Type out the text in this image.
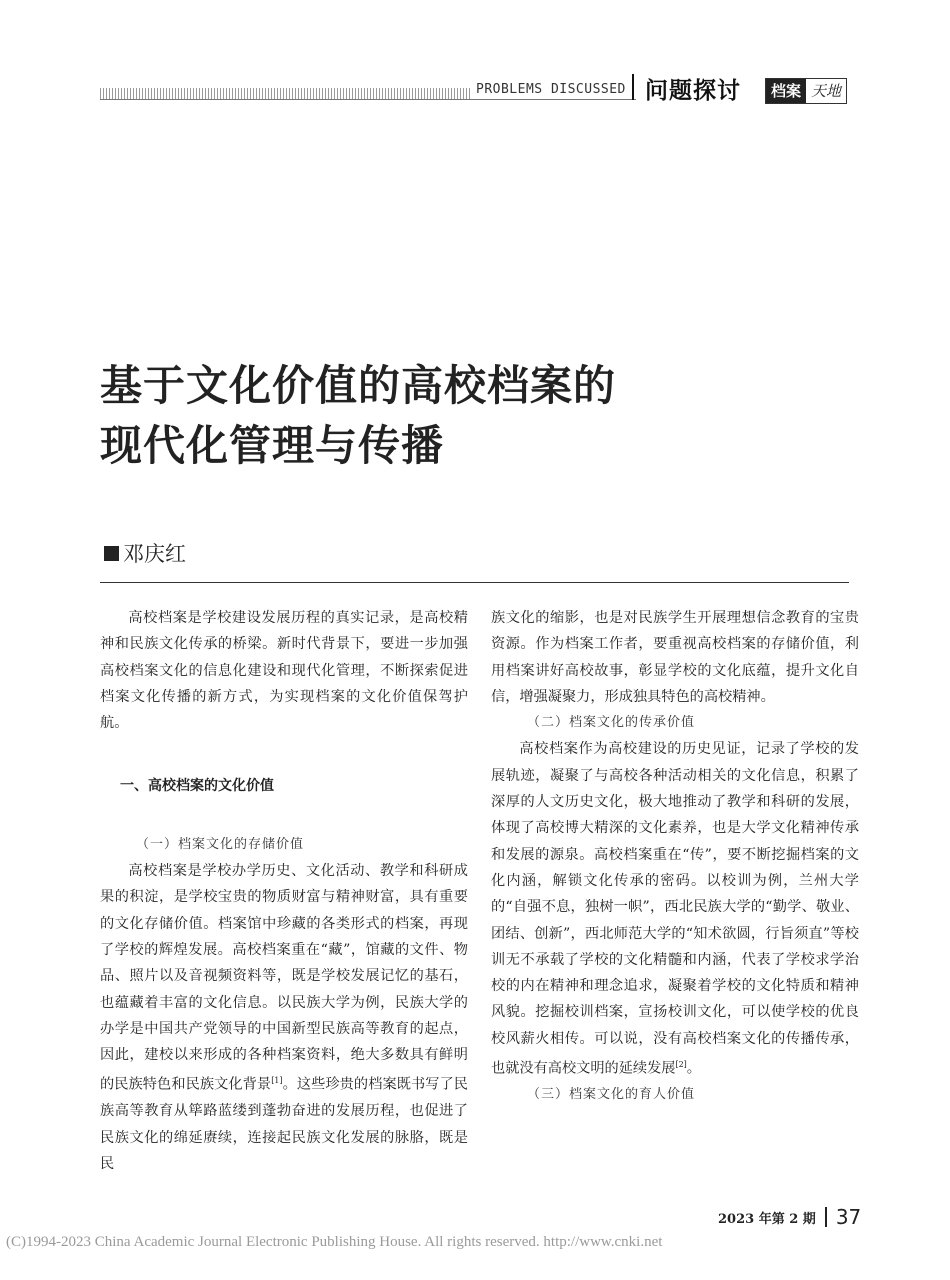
PROBLEMS DISCUSSED 问题探讨	档案 天地
基于文化价值的高校档案的
现代化管理与传播
邓庆红

高校档案是学校建设发展历程的真实记录，是高校精神和民族文化传承的桥梁。新时代背景下，要进一步加强高校档案文化的信息化建设和现代化管理，不断探索促进档案文化传播的新方式，为实现档案的文化价值保驾护航。

一、高校档案的文化价值

（一）档案文化的存储价值

高校档案是学校办学历史、文化活动、教学和科研成果的积淀，是学校宝贵的物质财富与精神财富，具有重要的文化存储价值。档案馆中珍藏的各类形式的档案，再现了学校的辉煌发展。高校档案重在“藏”，馆藏的文件、物品、照片以及音视频资料等，既是学校发展记忆的基石，也蕴藏着丰富的文化信息。以民族大学为例，民族大学的办学是中国共产党领导的中国新型民族高等教育的起点，因此，建校以来形成的各种档案资料，绝大多数具有鲜明的民族特色和民族文化背景[1]。这些珍贵的档案既书写了民族高等教育从筚路蓝缕到蓬勃奋进的发展历程，也促进了民族文化的绵延赓续，连接起民族文化发展的脉胳，既是民

族文化的缩影，也是对民族学生开展理想信念教育的宝贵资源。作为档案工作者，要重视高校档案的存储价值，利用档案讲好高校故事，彰显学校的文化底蕴，提升文化自信，增强凝聚力，形成独具特色的高校精神。

（二）档案文化的传承价值

高校档案作为高校建设的历史见证，记录了学校的发展轨迹，凝聚了与高校各种活动相关的文化信息，积累了深厚的人文历史文化，极大地推动了教学和科研的发展，体现了高校博大精深的文化素养，也是大学文化精神传承和发展的源泉。高校档案重在“传”，要不断挖掘档案的文化内涵，解锁文化传承的密码。以校训为例，兰州大学的“自强不息，独树一帜”，西北民族大学的“勤学、敬业、团结、创新”，西北师范大学的“知术欲圆，行旨须直”等校训无不承载了学校的文化精髓和内涵，代表了学校求学治校的内在精神和理念追求，凝聚着学校的文化特质和精神风貌。挖掘校训档案，宣扬校训文化，可以使学校的优良校风薪火相传。可以说，没有高校档案文化的传播传承，也就没有高校文明的延续发展[2]。

（三）档案文化的育人价值

2023 年第 2 期 37
(C)1994-2023 China Academic Journal Electronic Publishing House. All rights reserved. http://www.cnki.net
